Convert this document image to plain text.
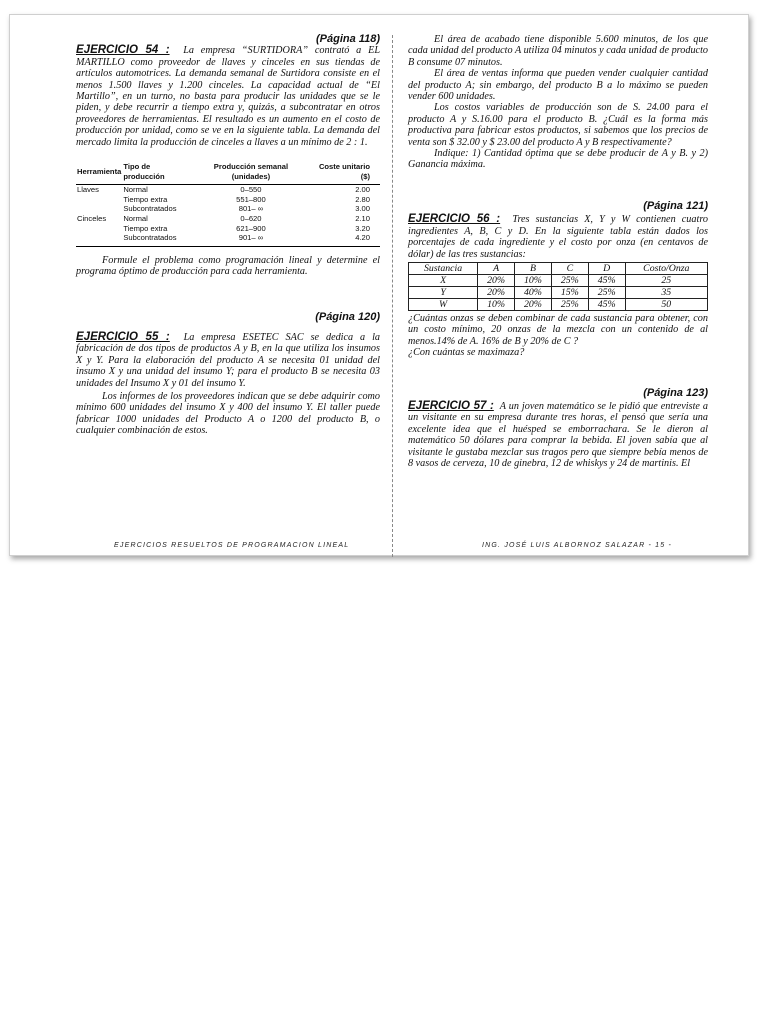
(Página 118)

EJERCICIO 54 : La empresa “SURTIDORA” contrató a EL MARTILLO como proveedor de llaves y cinceles en sus tiendas de artículos automotrices. La demanda semanal de Surtidora consiste en el menos 1.500 llaves y 1.200 cinceles. La capacidad actual de “El Martillo”, en un turno, no basta para producir las unidades que se le piden, y debe recurrir a tiempo extra y, quizás, a subcontratar en otros proveedores de herramientas. El resultado es un aumento en el costo de producción por unidad, como se ve en la siguiente tabla. La demanda del mercado limita la producción de cinceles a llaves a un mínimo de 2 : 1.

Herramienta	Tipo de producción	Producción semanal (unidades)	Coste unitario ($)
Llaves	Normal	0–550	2.00
	Tiempo extra	551–800	2.80
	Subcontratados	801– ∞	3.00
Cinceles	Normal	0–620	2.10
	Tiempo extra	621–900	3.20
	Subcontratados	901– ∞	4.20

Formule el problema como programación lineal y determine el programa óptimo de producción para cada herramienta.

(Página 120)

EJERCICIO 55 : La empresa ESETEC SAC se dedica a la fabricación de dos tipos de productos A y B, en la que utiliza los insumos X y Y. Para la elaboración del producto A se necesita 01 unidad del insumo X y una unidad del insumo Y; para el producto B se necesita 03 unidades del Insumo X y 01 del insumo Y.

Los informes de los proveedores indican que se debe adquirir como mínimo 600 unidades del insumo X y 400 del insumo Y. El taller puede fabricar 1000 unidades del Producto A o 1200 del producto B, o cualquier combinación de estos.

El área de acabado tiene disponible 5.600 minutos, de los que cada unidad del producto A utiliza 04 minutos y cada unidad de producto B consume 07 minutos.

El área de ventas informa que pueden vender cualquier cantidad del producto A; sin embargo, del producto B a lo máximo se pueden vender 600 unidades.

Los costos variables de producción son de S. 24.00 para el producto A y S.16.00 para el producto B. ¿Cuál es la forma más productiva para fabricar estos productos, si sabemos que los precios de venta son $ 32.00 y $ 23.00 del producto A y B respectivamente?

Indique: 1) Cantidad óptima que se debe producir de A y B. y 2) Ganancia máxima.

(Página 121)

EJERCICIO 56 : Tres sustancias X, Y y W contienen cuatro ingredientes A, B, C y D. En la siguiente tabla están dados los porcentajes de cada ingrediente y el costo por onza (en centavos de dólar) de las tres sustancias:

Sustancia	A	B	C	D	Costo/Onza
X	20%	10%	25%	45%	25
Y	20%	40%	15%	25%	35
W	10%	20%	25%	45%	50

¿Cuántas onzas se deben combinar de cada sustancia para obtener, con un costo mínimo, 20 onzas de la mezcla con un contenido de al menos.14% de A. 16% de B y 20% de C ?

¿Con cuántas se maximaza?

(Página 123)

EJERCICIO 57 : A un joven matemático se le pidió que entreviste a un visitante en su empresa durante tres horas, el pensó que sería una excelente idea que el huésped se emborrachara. Se le dieron al matemático 50 dólares para comprar la bebida. El joven sabía que al visitante le gustaba mezclar sus tragos pero que siempre bebía menos de 8 vasos de cerveza, 10 de ginebra, 12 de whiskys y 24 de martinis. El

EJERCICIOS RESUELTOS DE PROGRAMACION LINEAL	ING. JOSÉ LUIS ALBORNOZ SALAZAR - 15 -
